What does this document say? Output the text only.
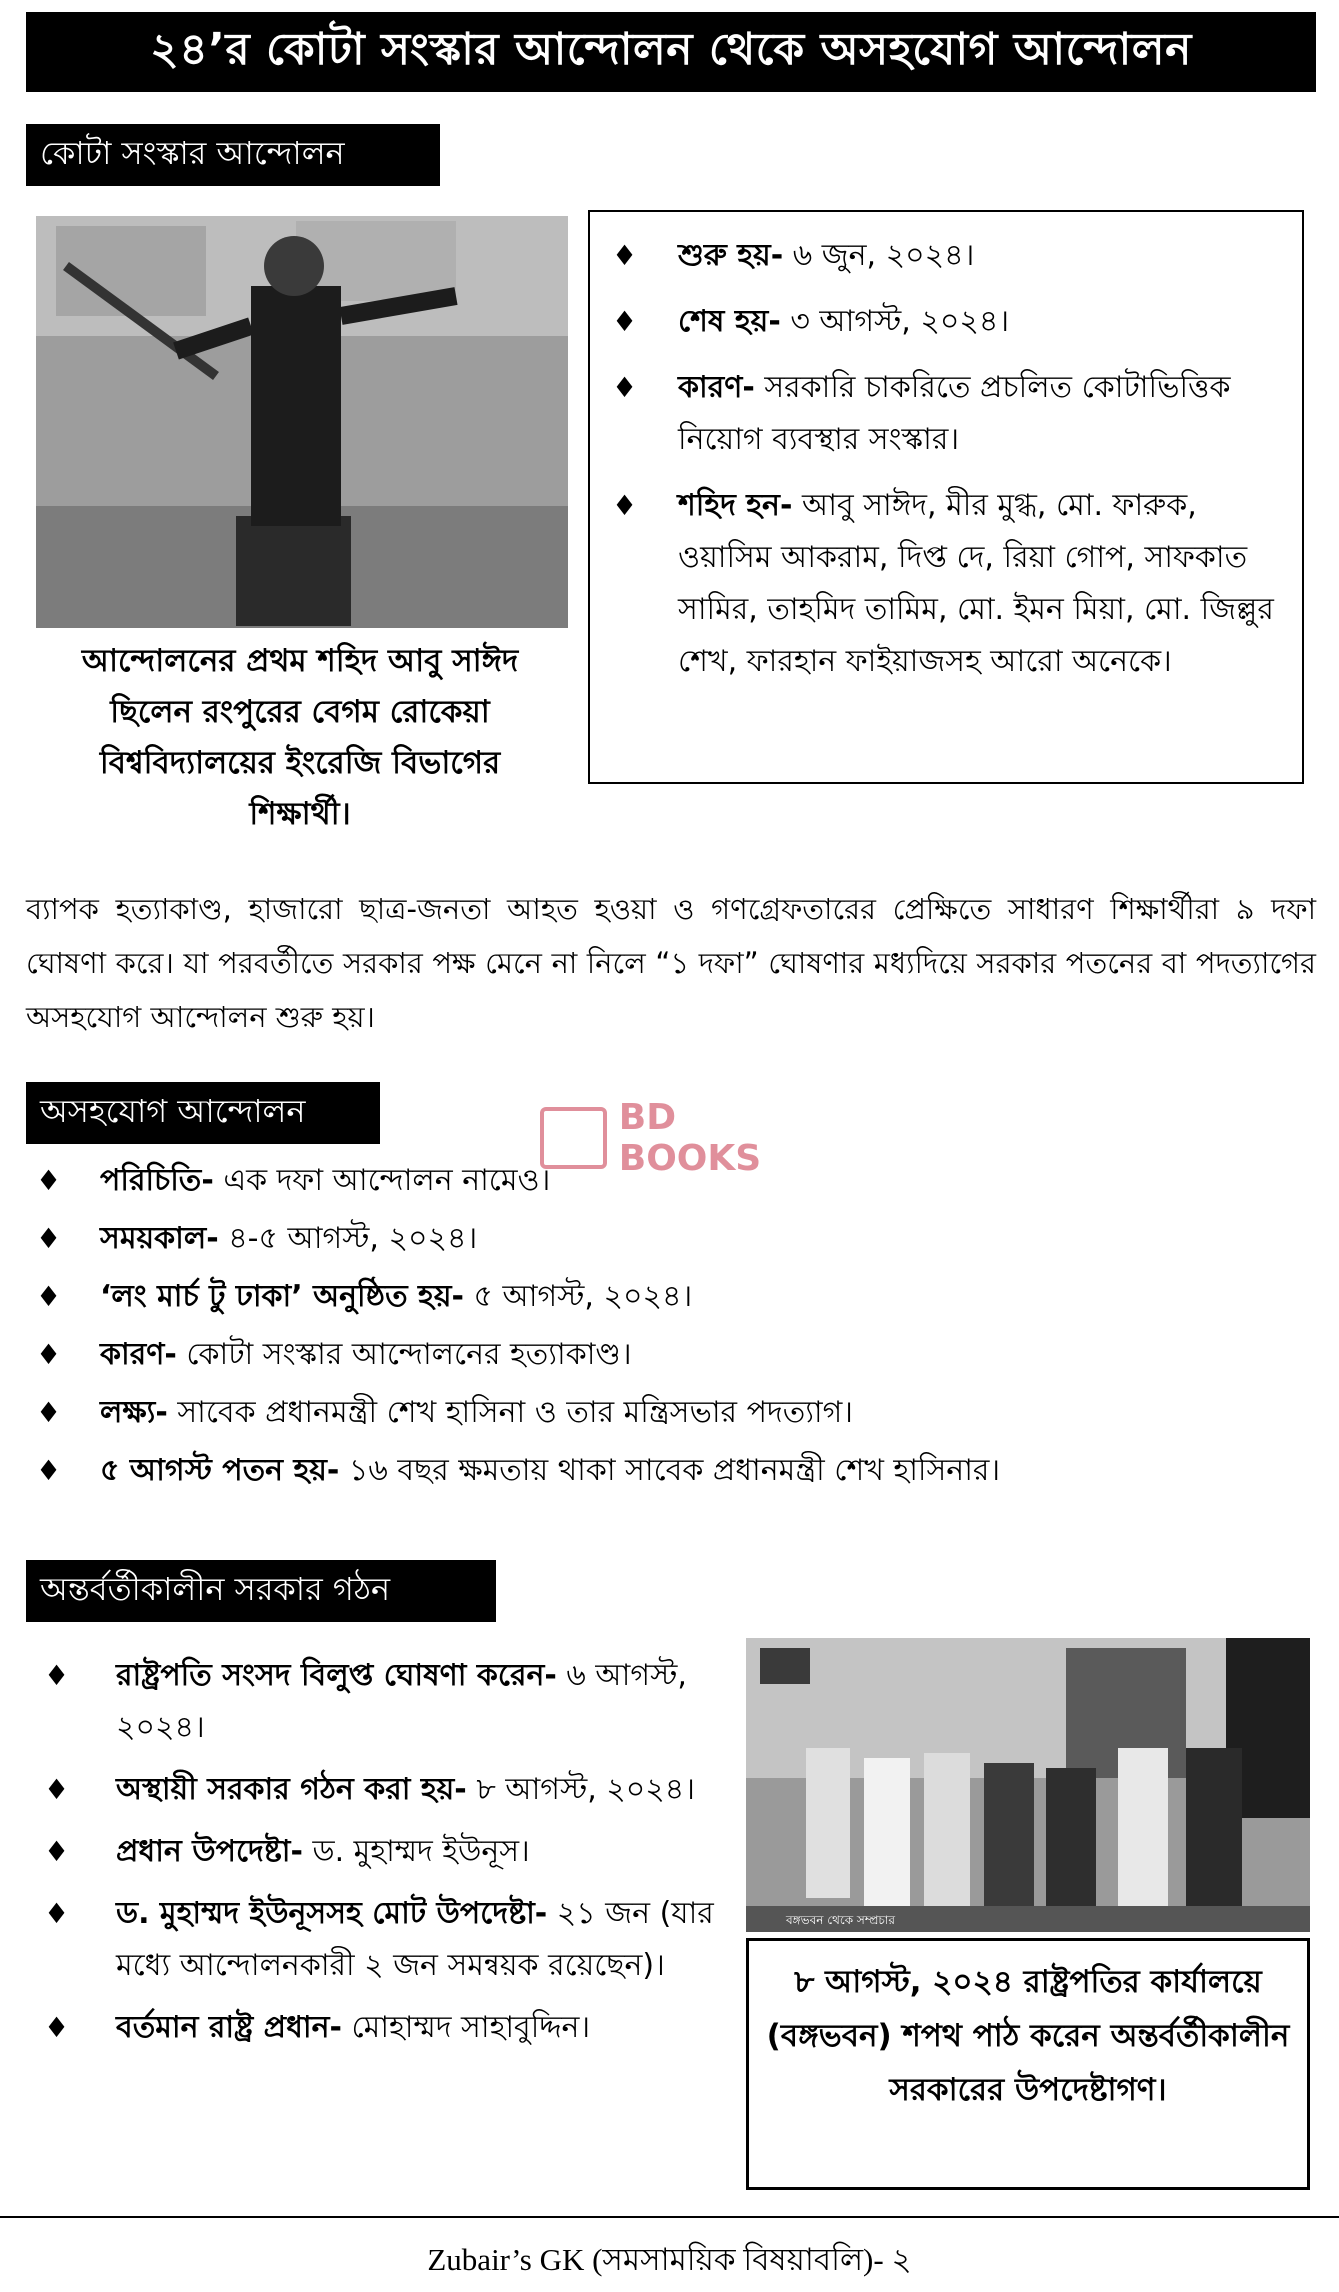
২৪’র কোটা সংস্কার আন্দোলন থেকে অসহযোগ আন্দোলন
কোটা সংস্কার আন্দোলন
আন্দোলনের প্রথম শহিদ আবু সাঈদ ছিলেন রংপুরের বেগম রোকেয়া বিশ্ববিদ্যালয়ের ইংরেজি বিভাগের শিক্ষার্থী।
♦ শুরু হয়- ৬ জুন, ২০২৪।
♦ শেষ হয়- ৩ আগস্ট, ২০২৪।
♦ কারণ- সরকারি চাকরিতে প্রচলিত কোটাভিত্তিক নিয়োগ ব্যবস্থার সংস্কার।
♦ শহিদ হন- আবু সাঈদ, মীর মুগ্ধ, মো. ফারুক, ওয়াসিম আকরাম, দিপ্ত দে, রিয়া গোপ, সাফকাত সামির, তাহমিদ তামিম, মো. ইমন মিয়া, মো. জিল্লুর শেখ, ফারহান ফাইয়াজসহ আরো অনেকে।
ব্যাপক হত্যাকাণ্ড, হাজারো ছাত্র-জনতা আহত হওয়া ও গণগ্রেফতারের প্রেক্ষিতে সাধারণ শিক্ষার্থীরা ৯ দফা ঘোষণা করে। যা পরবর্তীতে সরকার পক্ষ মেনে না নিলে “১ দফা” ঘোষণার মধ্যদিয়ে সরকার পতনের বা পদত্যাগের অসহযোগ আন্দোলন শুরু হয়।
অসহযোগ আন্দোলন	BD BOOKS
♦ পরিচিতি- এক দফা আন্দোলন নামেও।
♦ সময়কাল- ৪-৫ আগস্ট, ২০২৪।
♦ ‘লং মার্চ টু ঢাকা’ অনুষ্ঠিত হয়- ৫ আগস্ট, ২০২৪।
♦ কারণ- কোটা সংস্কার আন্দোলনের হত্যাকাণ্ড।
♦ লক্ষ্য- সাবেক প্রধানমন্ত্রী শেখ হাসিনা ও তার মন্ত্রিসভার পদত্যাগ।
♦ ৫ আগস্ট পতন হয়- ১৬ বছর ক্ষমতায় থাকা সাবেক প্রধানমন্ত্রী শেখ হাসিনার।
অন্তর্বর্তীকালীন সরকার গঠন
♦ রাষ্ট্রপতি সংসদ বিলুপ্ত ঘোষণা করেন- ৬ আগস্ট, ২০২৪।
♦ অস্থায়ী সরকার গঠন করা হয়- ৮ আগস্ট, ২০২৪।
♦ প্রধান উপদেষ্টা- ড. মুহাম্মদ ইউনূস।
♦ ড. মুহাম্মদ ইউনূসসহ মোট উপদেষ্টা- ২১ জন (যার মধ্যে আন্দোলনকারী ২ জন সমন্বয়ক রয়েছেন)।
♦ বর্তমান রাষ্ট্র প্রধান- মোহাম্মদ সাহাবুদ্দিন।
বঙ্গভবন থেকে সম্প্রচার
৮ আগস্ট, ২০২৪ রাষ্ট্রপতির কার্যালয়ে (বঙ্গভবন) শপথ পাঠ করেন অন্তর্বর্তীকালীন সরকারের উপদেষ্টাগণ।
Zubair’s GK (সমসাময়িক বিষয়াবলি)- ২
